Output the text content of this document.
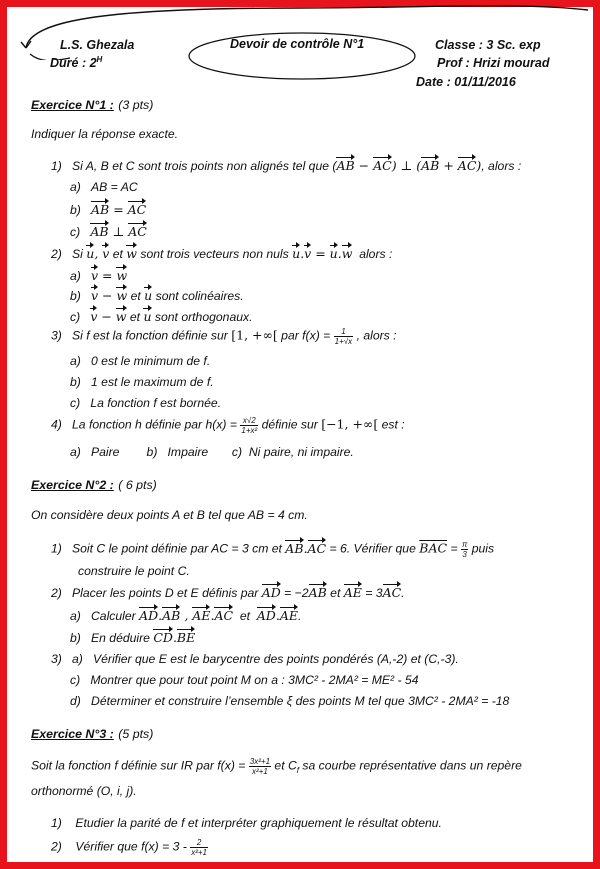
L.S. Ghezala
Duré : $2^H$
Devoir de contrôle N°1	Classe : 3 Sc. exp
Prof : Hrizi mourad
Date : 01/11/2016
Exercice N°1 : (3 pts)
Indiquer la réponse exacte.
1) Si A, B et C sont trois points non alignés tel que (AB − AC) ⊥ (AB + AC), alors :
a) AB = AC
b) AB = AC
c) AB ⊥ AC
2) Si u, v et w sont trois vecteurs non nuls u.v = u.w alors :
a)   v = w
b)   v − w et u sont colinéaires.
c)   v − w et u sont orthogonaux.
3) Si f est la fonction définie sur [1, +∞[ par $f(x) = \frac{1}{1+√x}$ , alors :
a)   0 est le minimum de f.
b)   1 est le maximum de f.
c)   La fonction f est bornée.
4) La fonction h définie par $h(x) = \frac{x√2}{\text{1+x²}}$ définie sur [−1, +∞[ est :
a)   Paire        b)   Impaire       c)  Ni paire, ni impaire.
Exercice N°2 : ( 6 pts)
On considère deux points A et B tel que AB = 4 cm.
1) Soit C le point définie par AC = 3 cm et AB.AC = 6. Vérifier que $\overline{BAC} = \frac{\pi}{3}$ puis
construire le point C.
2) Placer les points D et E définis par AD = −2AB et AE = 3AC.
a)   Calculer AD.AB , AE.AC et AD.AE.
b)   En déduire CD.BE
3)   a)   Vérifier que E est le barycentre des points pondérés (A,-2) et (C,-3).
c)   Montrer que pour tout point M on a : 3MC² - 2MA² = ME² - 54
d) Déterminer et construire l’ensemble ξ des points M tel que 3MC² - 2MA² = -18
Exercice N°3 : (5 pts)
Soit la fonction f définie sur IR par $f(x) = \frac{\text{3x²+1}}{\text{x²+1}}$ et $C_f$ sa courbe représentative dans un repère
orthonormé (O, i, j).
1)    Etudier la parité de f et interpréter graphiquement le résultat obtenu.
2)    Vérifier que $f(x) = 3 - \frac{2}{\text{x²+1}}$
